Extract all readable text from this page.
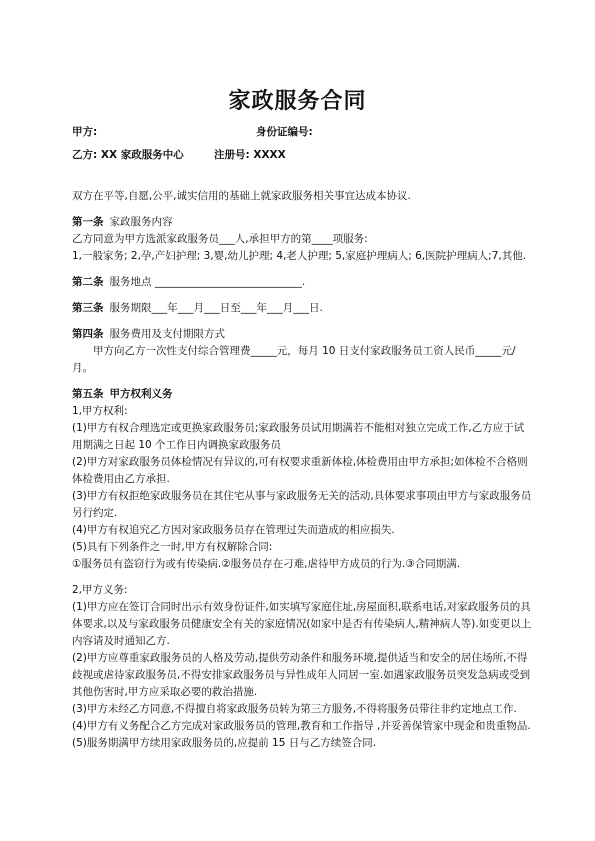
家政服务合同
甲方:	身份证编号:
乙方: XX 家政服务中心	注册号: XXXX

双方在平等,自愿,公平,诚实信用的基础上就家政服务相关事宜达成本协议.

第一条 家政服务内容

乙方同意为甲方选派家政服务员___人,承担甲方的第____项服务:

1,一般家务; 2,孕,产妇护理; 3,婴,幼儿护理; 4,老人护理; 5,家庭护理病人; 6,医院护理病人;7,其他.

第二条 服务地点 ____________________________.

第三条 服务期限___年___月___日至___年___月___日.

第四条 服务费用及支付期限方式

甲方向乙方一次性支付综合管理费_____元，每月 10 日支付家政服务员工资人民币_____元/月。

第五条 甲方权利义务

1,甲方权利:

(1)甲方有权合理选定或更换家政服务员;家政服务员试用期满若不能相对独立完成工作,乙方应于试用期满之日起 10 个工作日内调换家政服务员

(2)甲方对家政服务员体检情况有异议的,可有权要求重新体检,体检费用由甲方承担;如体检不合格则体检费用由乙方承担.

(3)甲方有权拒绝家政服务员在其住宅从事与家政服务无关的活动,具体要求事项由甲方与家政服务员另行约定.

(4)甲方有权追究乙方因对家政服务员存在管理过失而造成的相应损失.

(5)具有下列条件之一时,甲方有权解除合同:

①服务员有盗窃行为或有传染病.②服务员存在刁难,虐待甲方成员的行为.③合同期满.

2,甲方义务:

(1)甲方应在签订合同时出示有效身份证件,如实填写家庭住址,房屋面积,联系电话,对家政服务员的具体要求,以及与家政服务员健康安全有关的家庭情况(如家中是否有传染病人,精神病人等).如变更以上内容请及时通知乙方.

(2)甲方应尊重家政服务员的人格及劳动,提供劳动条件和服务环境,提供适当和安全的居住场所,不得歧视或虐待家政服务员,不得安排家政服务员与异性成年人同居一室.如遇家政服务员突发急病或受到其他伤害时,甲方应采取必要的救治措施.

(3)甲方未经乙方同意,不得擅自将家政服务员转为第三方服务,不得将服务员带往非约定地点工作.

(4)甲方有义务配合乙方完成对家政服务员的管理,教育和工作指导 ,并妥善保管家中现金和贵重物品.

(5)服务期满甲方续用家政服务员的,应提前 15 日与乙方续签合同.
